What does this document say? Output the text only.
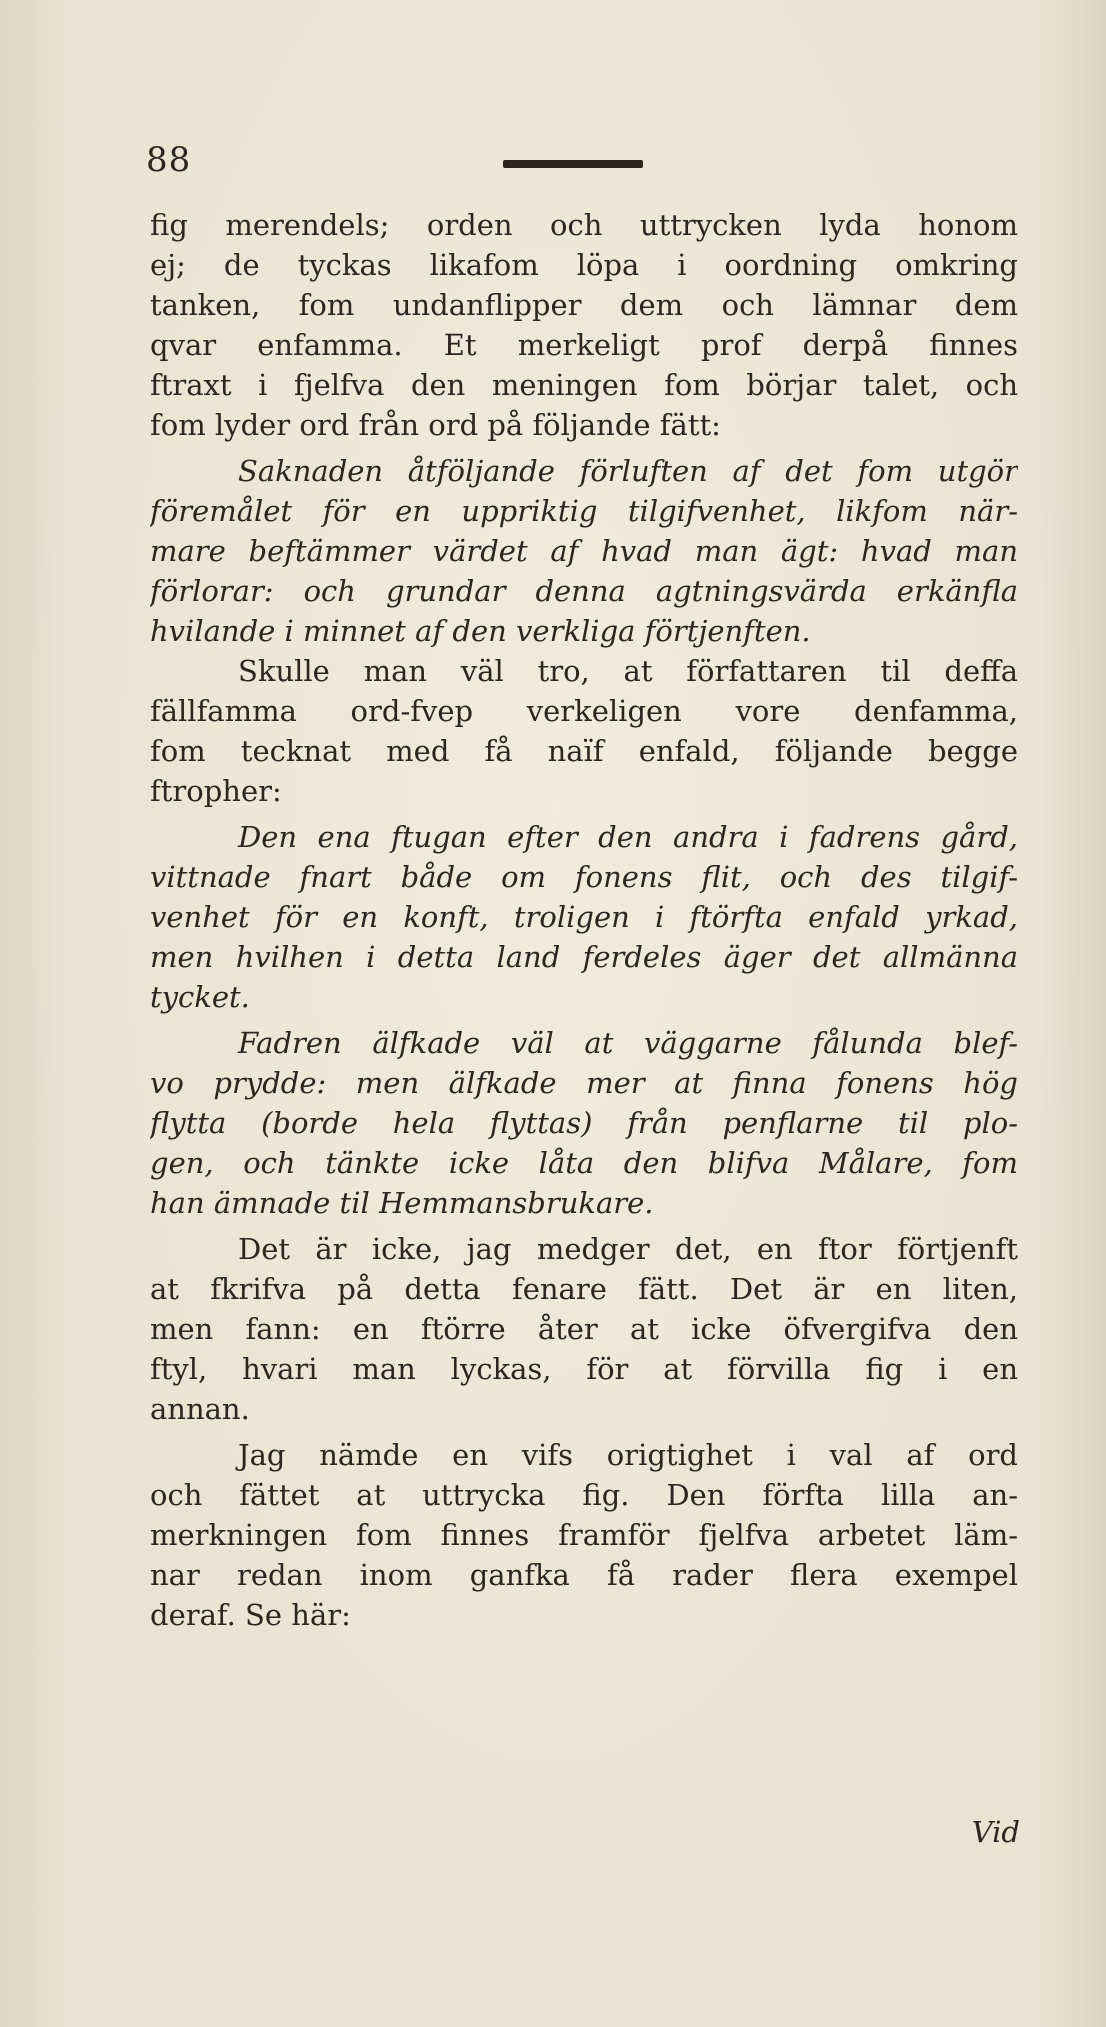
88
fig merendels; orden och uttrycken lyda honom
ej; de tyckas likafom löpa i oordning omkring
tanken, fom undanflipper dem och lämnar dem
qvar enfamma. Et merkeligt prof derpå finnes
ftraxt i fjelfva den meningen fom börjar talet, och
fom lyder ord från ord på följande fätt:
Saknaden åtföljande förluften af det fom utgör
föremålet för en uppriktig tilgifvenhet, likfom när-
mare beftämmer värdet af hvad man ägt: hvad man
förlorar: och grundar denna agtningsvärda erkänfla
hvilande i minnet af den verkliga förtjenften.
Skulle man väl tro, at författaren til deffa
fällfamma ord-fvep verkeligen vore denfamma,
fom tecknat med få naïf enfald, följande begge
ftropher:
Den ena ftugan efter den andra i fadrens gård,
vittnade fnart både om fonens flit, och des tilgif-
venhet för en konft, troligen i ftörfta enfald yrkad,
men hvilhen i detta land ferdeles äger det allmänna
tycket.
Fadren älfkade väl at väggarne fålunda blef-
vo prydde: men älfkade mer at finna fonens hög
flytta (borde hela flyttas) från penflarne til plo-
gen, och tänkte icke låta den blifva Målare, fom
han ämnade til Hemmansbrukare.
Det är icke, jag medger det, en ftor förtjenft
at fkrifva på detta fenare fätt. Det är en liten,
men fann: en ftörre åter at icke öfvergifva den
ftyl, hvari man lyckas, för at förvilla fig i en
annan.
Jag nämde en vifs origtighet i val af ord
och fättet at uttrycka fig. Den förfta lilla an-
merkningen fom finnes framför fjelfva arbetet läm-
nar redan inom ganfka få rader flera exempel
deraf. Se här:
Vid
